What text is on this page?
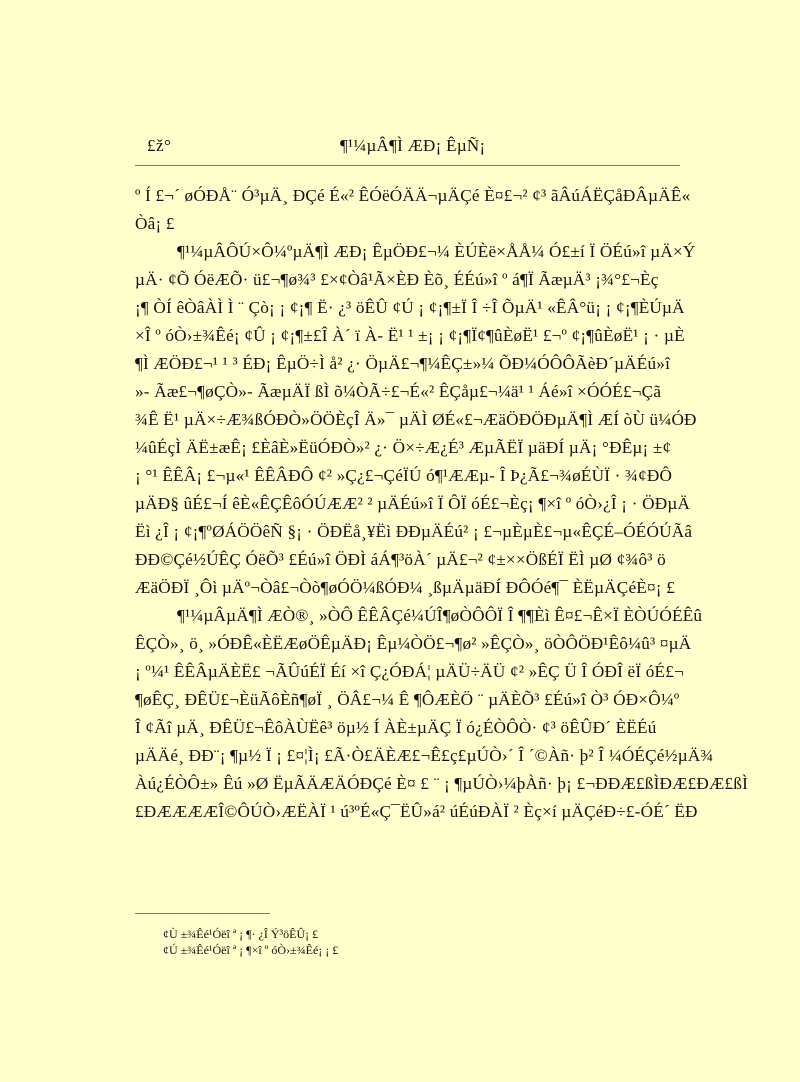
£ž°	¶¹¼µÂ¶Ì ÆÐ¡ ÊµÑ¡
º Í £¬´ øÓÐÅ¨ Ó³µÄ¸ ÐÇé É«² ÊÓëÓÄÄ¬µÄÇé È¤£¬² ¢³ ãÂúÁËÇåÐÂµÄÊ«
Òâ¡ £
¶¹¼µÂÔÚ×Ô¼ºµÄ¶Ì ÆÐ¡ ÊµÖÐ£¬¼ ÈÚÈë×ÅÅ¼ Ó£±í Ï ÖÉú»î µÄ×Ý
µÄ· ¢Õ ÓëÆÕ· ü£¬¶ø¾³ £×¢Òâ¹Ã×ÈÐ Èõ¸ ÉÉú»î º á¶Ï ÃæµÄ³ ¡¾°£¬Èç
¡¶ ÒÍ êÒâÀÌ Ì ¨ Çò¡ ¡ ¢¡¶ Ë· ¿³ öÊÛ ¢Ú ¡ ¢¡¶±Ï Î ÷Î ÕµÄ¹ «ÊÂ°ü¡ ¡ ¢¡¶ÈÚµÄ
×Î º óÒ›±¾Êé¡ ¢Û ¡ ¢¡¶±£Î À´ ï À- Ë¹ ¹ ±¡ ¡ ¢¡¶Ï¢¶ûÈøË¹ £¬º ¢¡¶ûÈøË¹ ¡ · µÈ
¶Ì ÆÖÐ£¬¹ ¹ ³ ÉÐ¡ ÊµÖ÷Ì å² ¿· ÖµÄ£¬¶¼ÊÇ±»¼ ÕÐ¼ÓÔÔÃèÐ´µÄÉú»î
»- Ãæ£¬¶øÇÒ»- ÃæµÄÏ ßÌ õ¼ÒÃ÷£¬É«² ÊÇåµ£¬¼ä¹ ¹ Áé»î ×ÓÓÉ£¬Çã
¾Ê Ë¹ µÄ×÷Æ¾ßÓÐÒ»ÖÖÈçÎ Ä»¯ µÄÌ ØÉ«£¬ÆäÖÐÖÐµÄ¶Ì ÆÍ òÙ ü¼ÓÐ
¼ûÉçÌ ÄË±æÊ¡ £ÈâÈ»ËüÓÐÒ»² ¿· Ö×÷Æ¿É³ ÆµÃËÏ µäÐÍ µÄ¡ °ÐÊµ¡ ±¢
¡ °¹ ÊÊÂ¡ £¬µ«¹ ÊÊÂÐÔ ¢² »Ç¿£¬ÇéÏÚ ó¶¹ÆÆµ- Î Þ¿Ã£¬¾øÉÙÏ · ¾¢ÐÔ
µÄÐ§ ûÉ£¬Í êÈ«ÊÇÊôÓÚÆÆ² ² µÄÉú»î Ï ÔÏ óÉ£¬Èç¡ ¶×î º óÒ›¿Î ¡ · ÖÐµÄ
Ëì ¿Î ¡ ¢¡¶ºØÁÖÖêÑ §¡ · ÖÐËå¸¥Ëì ÐÐµÄÉú² ¡ £¬µÈµÈ£¬µ«ÊÇÉ–ÓÉÓÚÃâ
ÐÐ©Çé½ÚÊÇ ÓëÕ³ £Éú»î ÖÐÌ áÁ¶³öÀ´ µÄ£¬² ¢±××ÖßÉÏ ËÌ µØ ¢¾ô³ ö
ÆäÖÐÏ ¸Ôì µÄº¬Òâ£¬Òò¶øÓÖ¼ßÓÐ¼ ¸ßµÄµäÐÍ ÐÔÓé¶¯ ÈËµÄÇéÈ¤¡ £
¶¹¼µÂµÄ¶Ì ÆÒ®¸ »ÒÔ ÊÊÂÇé¼ÚÎ¶øÒÔÔÏ Î ¶¶Èì Ê¤£¬Ê×Ï ÈÒÚÓÉÊû
ÊÇÒ»¸ ö¸ »ÓÐÊ«ÈËÆøÖÊµÄÐ¡ Êµ¼ÒÖ£¬¶ø² »ÊÇÒ»¸ öÒÔÖÐ¹Êô¼û³ ¤µÄ
¡ º¼¹ ÊÊÂµÄÈË£ ¬ÃÛúÉÏ Éí ×î Ç¿ÓÐÁ¦ µÄÜ÷ÄÜ ¢² »ÊÇ Ü Î ÓÐÎ ëÏ óÉ£¬
¶øÊÇ¸ ÐÊÜ£¬ÈüÃôÈñ¶øÏ ¸ ÖÂ£¬¼ Ê ¶ÔÆÈÖ ¨ µÄÈÕ³ £Éú»î Ò³ ÓÐ×Ô¼º
Î ¢Ãî µÄ¸ ÐÊÜ£¬ÊôÀÙËê³ öµ½ Í ÀÈ±µÄÇ Ï ó¿ÉÒÔÒ· ¢³ öÊÛÐ´ ÈËÉú
µÄÄé¸ ÐÐ¨¡ ¶µ½ Ï ¡ £¤¦Ì¡ £Ã·Ò£ÄÈÆ£¬Ê£ç£µÚÒ›´ Î ´©Àñ· þ² Î ¼ÓÉÇé½µÄ¾
Àú¿ÉÒÔ±» Êú »Ø ËµÃÄÆÄÓÐÇé È¤ £ ¨ ¡ ¶µÚÒ›¼þÀñ· þ¡ £¬ÐÐÆ£ßÌÐÆ£ÐÆ£ßÌ
£ÐÆÆÆÆÎ©ÔÚÒ›ÆËÀÏ ¹ ú³ºÉ«Ç¯ËÛ»á² úÉúÐÀÏ ² Èç×í µÄÇéÐ÷£-ÓÉ´ ËÐ
¢Ù ±¾Êé¹Óëî ª ¡ ¶· ¿Î Ý³öÊÛ¡ £
¢Ú ±¾Êé¹Óëî ª ¡ ¶×î º óÒ›±¾Êé¡ ¡ £
